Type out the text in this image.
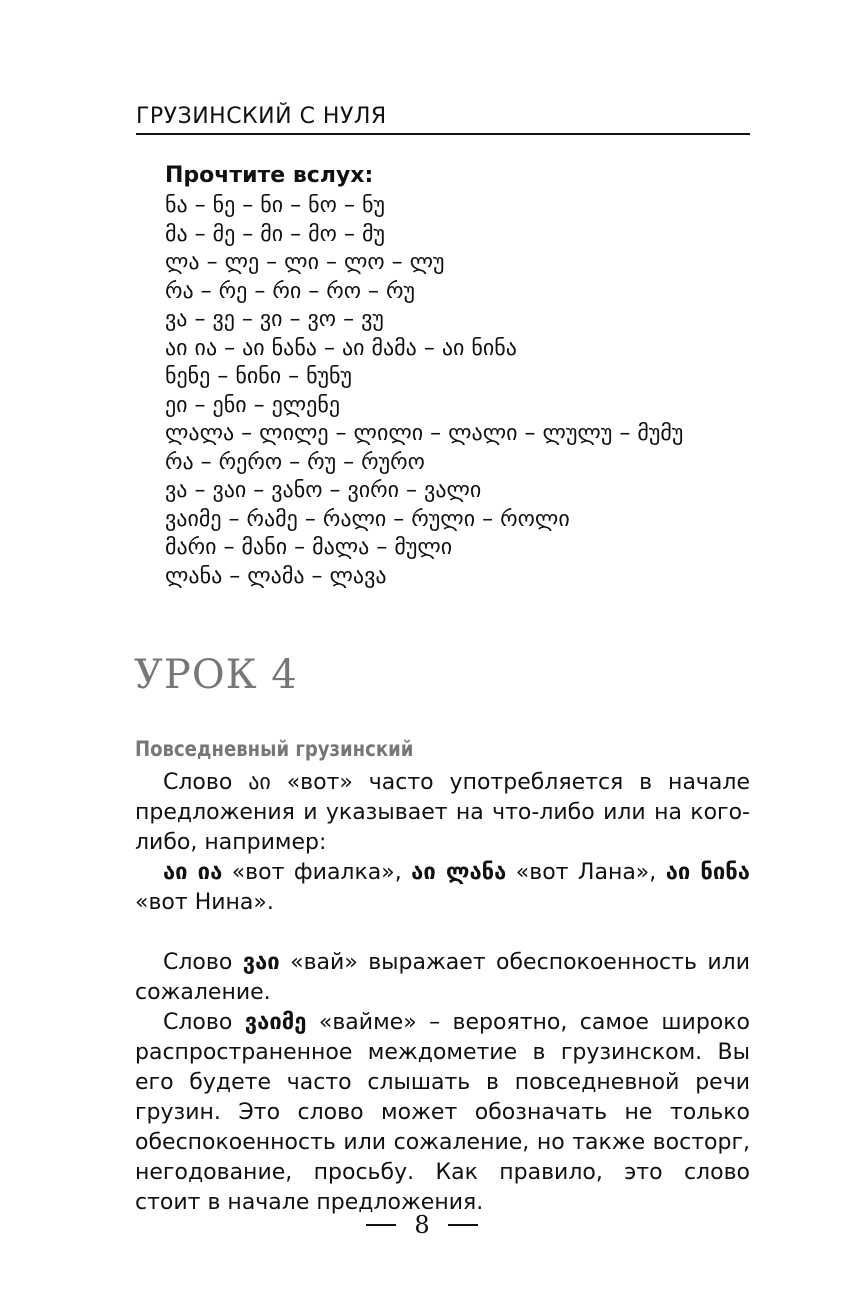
ГРУЗИНСКИЙ С НУЛЯ
Прочтите вслух:
ნა – ნე – ნი – ნო – ნუ
მა – მე – მი – მო – მუ
ლა – ლე – ლი – ლო – ლუ
რა – რე – რი – რო – რუ
ვა – ვე – ვი – ვო – ვუ
აი ია – აი ნანა – აი მამა – აი ნინა
ნენე – ნინი – ნუნუ
ეი – ენი – ელენე
ლალა – ლილე – ლილი – ლალი – ლულუ – მუმუ
რა – რერო – რუ – რურო
ვა – ვაი – ვანო – ვირი – ვალი
ვაიმე – რამე – რალი – რული – როლი
მარი – მანი – მალა – მული
ლანა – ლამა – ლავა
УРОК 4
Повседневный грузинский

Слово აი «вот» часто употребляется в начале предложения и указывает на что-либо или на кого-либо, например:

აი ია «вот фиалка», აი ლანა «вот Лана», აი ნინა «вот Нина».

Слово ვაი «вай» выражает обеспокоенность или сожаление.

Слово ვაიმე «вайме» – вероятно, самое широко распространенное междометие в грузинском. Вы его будете часто слышать в повседневной речи грузин. Это слово может обозначать не только обеспокоенность или сожаление, но также восторг, негодование, просьбу. Как правило, это слово стоит в начале предложения.

8
